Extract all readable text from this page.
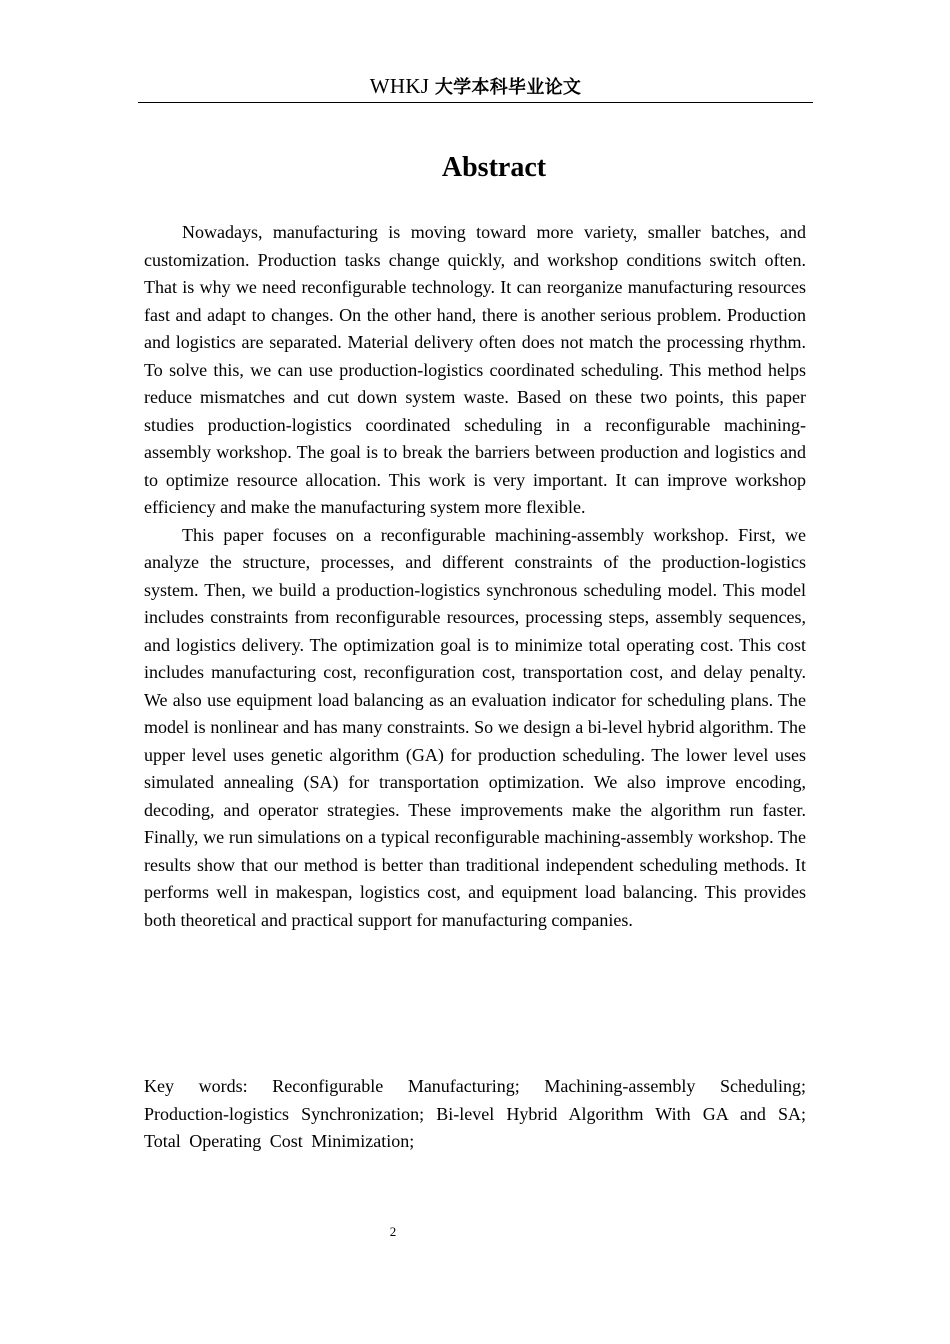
WHKJ 大学本科毕业论文
Abstract

Nowadays, manufacturing is moving toward more variety, smaller batches, and customization. Production tasks change quickly, and workshop conditions switch often. That is why we need reconfigurable technology. It can reorganize manufacturing resources fast and adapt to changes. On the other hand, there is another serious problem. Production and logistics are separated. Material delivery often does not match the processing rhythm. To solve this, we can use production-logistics coordinated scheduling. This method helps reduce mismatches and cut down system waste. Based on these two points, this paper studies production-logistics coordinated scheduling in a reconfigurable machining-assembly workshop. The goal is to break the barriers between production and logistics and to optimize resource allocation. This work is very important. It can improve workshop efficiency and make the manufacturing system more flexible.

This paper focuses on a reconfigurable machining-assembly workshop. First, we analyze the structure, processes, and different constraints of the production-logistics system. Then, we build a production-logistics synchronous scheduling model. This model includes constraints from reconfigurable resources, processing steps, assembly sequences, and logistics delivery. The optimization goal is to minimize total operating cost. This cost includes manufacturing cost, reconfiguration cost, transportation cost, and delay penalty. We also use equipment load balancing as an evaluation indicator for scheduling plans. The model is nonlinear and has many constraints. So we design a bi-level hybrid algorithm. The upper level uses genetic algorithm (GA) for production scheduling. The lower level uses simulated annealing (SA) for transportation optimization. We also improve encoding, decoding, and operator strategies. These improvements make the algorithm run faster. Finally, we run simulations on a typical reconfigurable machining-assembly workshop. The results show that our method is better than traditional independent scheduling methods. It performs well in makespan, logistics cost, and equipment load balancing. This provides both theoretical and practical support for manufacturing companies.

Key words: Reconfigurable Manufacturing; Machining-assembly Scheduling; Production-logistics Synchronization; Bi-level Hybrid Algorithm With GA and SA; Total Operating Cost Minimization;
2
